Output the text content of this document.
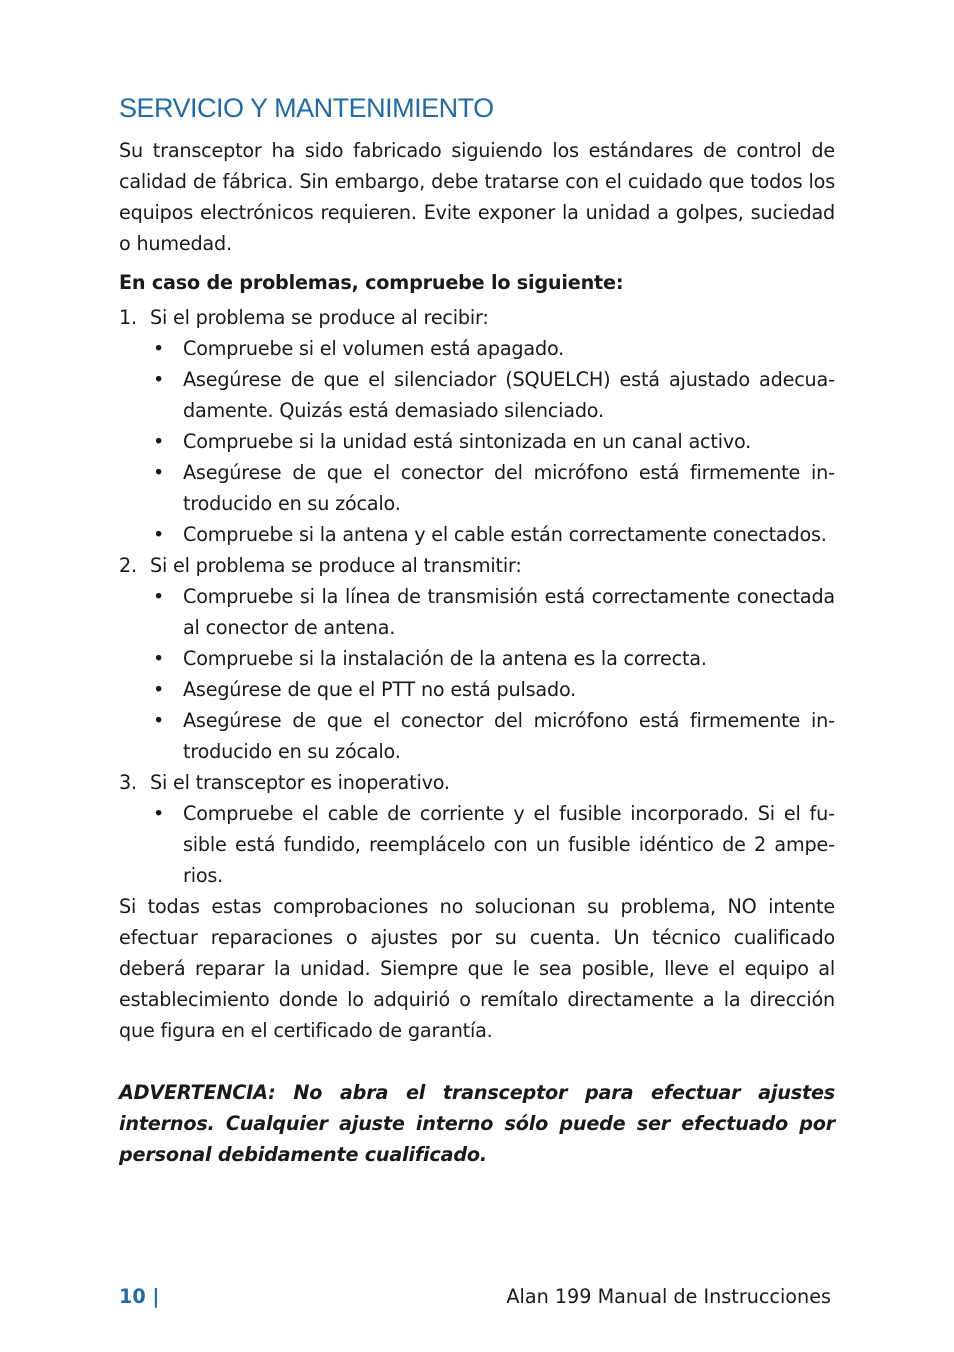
SERVICIO Y MANTENIMIENTO

Su transceptor ha sido fabricado siguiendo los estándares de control de calidad de fábrica. Sin embargo, debe tratarse con el cuidado que todos los equipos electrónicos requieren. Evite exponer la unidad a golpes, suciedad o humedad.

En caso de problemas, compruebe lo siguiente:

1. Si el problema se produce al recibir:
• Compruebe si el volumen está apagado.
• Asegúrese de que el silenciador (SQUELCH) está ajustado adecuadamente. Quizás está demasiado silenciado.
• Compruebe si la unidad está sintonizada en un canal activo.
• Asegúrese de que el conector del micrófono está firmemente introducido en su zócalo.
• Compruebe si la antena y el cable están correctamente conectados.
2. Si el problema se produce al transmitir:
• Compruebe si la línea de transmisión está correctamente conectada al conector de antena.
• Compruebe si la instalación de la antena es la correcta.
• Asegúrese de que el PTT no está pulsado.
• Asegúrese de que el conector del micrófono está firmemente introducido en su zócalo.
3. Si el transceptor es inoperativo.
• Compruebe el cable de corriente y el fusible incorporado. Si el fusible está fundido, reemplácelo con un fusible idéntico de 2 amperios.

Si todas estas comprobaciones no solucionan su problema, NO intente efectuar reparaciones o ajustes por su cuenta. Un técnico cualificado deberá reparar la unidad. Siempre que le sea posible, lleve el equipo al establecimiento donde lo adquirió o remítalo directamente a la dirección que figura en el certificado de garantía.

ADVERTENCIA: No abra el transceptor para efectuar ajustes internos. Cualquier ajuste interno sólo puede ser efectuado por personal debidamente cualificado.

10 |	Alan 199 Manual de Instrucciones
